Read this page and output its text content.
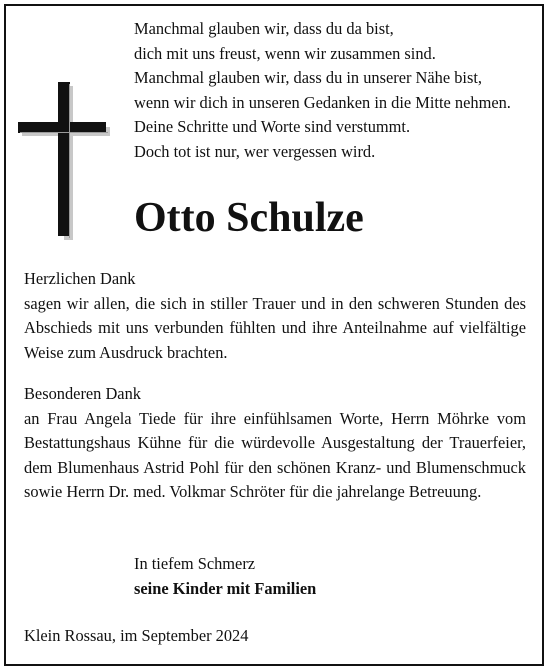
Manchmal glauben wir, dass du da bist,
dich mit uns freust, wenn wir zusammen sind.
Manchmal glauben wir, dass du in unserer Nähe bist,
wenn wir dich in unseren Gedanken in die Mitte nehmen.
Deine Schritte und Worte sind verstummt.
Doch tot ist nur, wer vergessen wird.
Otto Schulze
Herzlichen Dank
sagen wir allen, die sich in stiller Trauer und in den schweren Stunden des Abschieds mit uns verbunden fühlten und ihre Anteilnahme auf vielfältige Weise zum Ausdruck brachten.
Besonderen Dank
an Frau Angela Tiede für ihre einfühlsamen Worte, Herrn Möhrke vom Bestattungshaus Kühne für die würdevolle Ausgestaltung der Trauerfeier, dem Blumenhaus Astrid Pohl für den schönen Kranz- und Blumenschmuck sowie Herrn Dr. med. Volkmar Schröter für die jahrelange Betreuung.
In tiefem Schmerz
seine Kinder mit Familien
Klein Rossau, im September 2024
